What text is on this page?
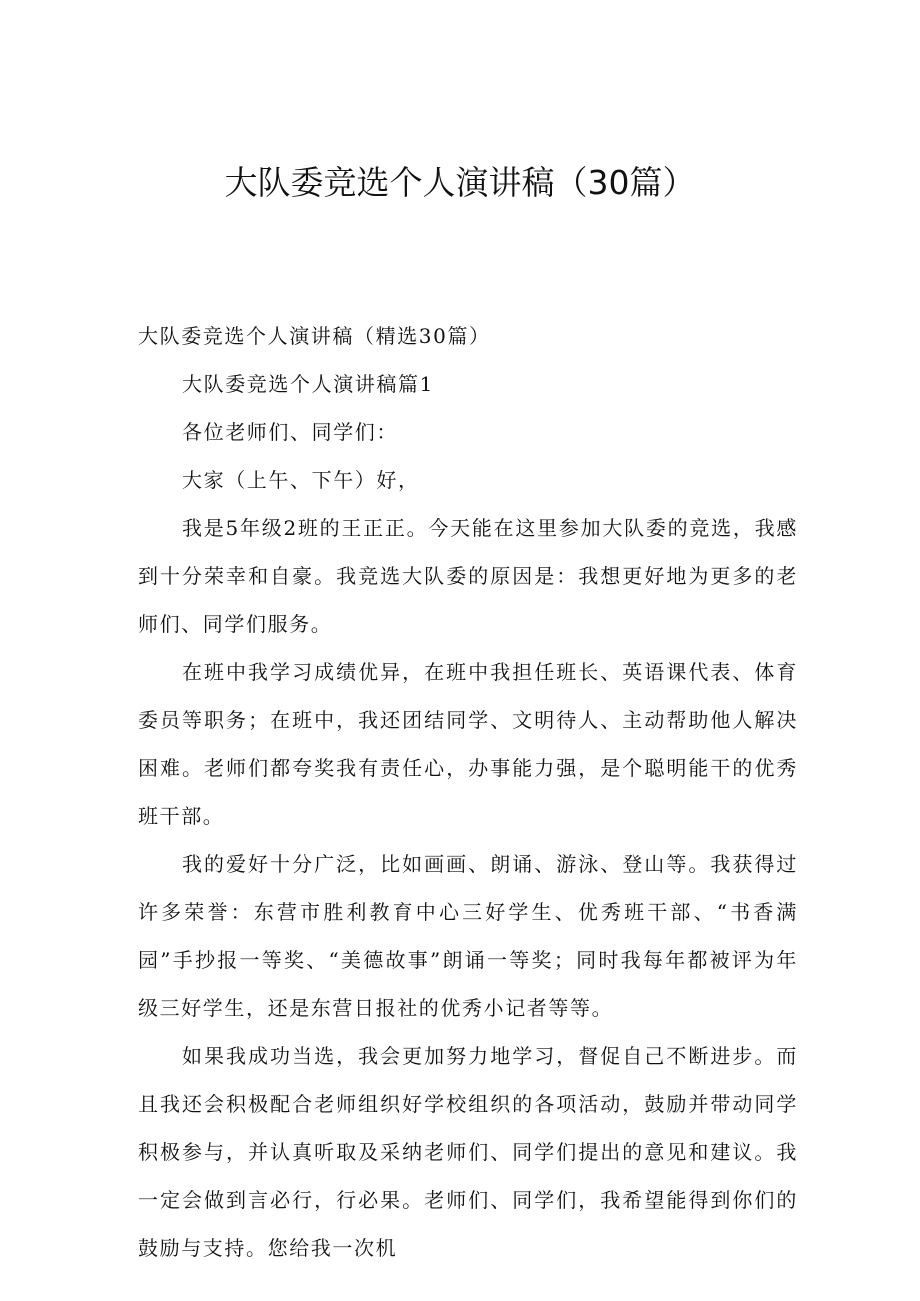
大队委竞选个人演讲稿（30篇）

大队委竞选个人演讲稿（精选30篇）

大队委竞选个人演讲稿篇1

各位老师们、同学们：

大家（上午、下午）好，

我是5年级2班的王正正。今天能在这里参加大队委的竞选，我感到十分荣幸和自豪。我竞选大队委的原因是：我想更好地为更多的老师们、同学们服务。

在班中我学习成绩优异，在班中我担任班长、英语课代表、体育委员等职务；在班中，我还团结同学、文明待人、主动帮助他人解决困难。老师们都夸奖我有责任心，办事能力强，是个聪明能干的优秀班干部。

我的爱好十分广泛，比如画画、朗诵、游泳、登山等。我获得过许多荣誉：东营市胜利教育中心三好学生、优秀班干部、“书香满园”手抄报一等奖、“美德故事”朗诵一等奖；同时我每年都被评为年级三好学生，还是东营日报社的优秀小记者等等。

如果我成功当选，我会更加努力地学习，督促自己不断进步。而且我还会积极配合老师组织好学校组织的各项活动，鼓励并带动同学积极参与，并认真听取及采纳老师们、同学们提出的意见和建议。我一定会做到言必行，行必果。老师们、同学们，我希望能得到你们的鼓励与支持。您给我一次机
